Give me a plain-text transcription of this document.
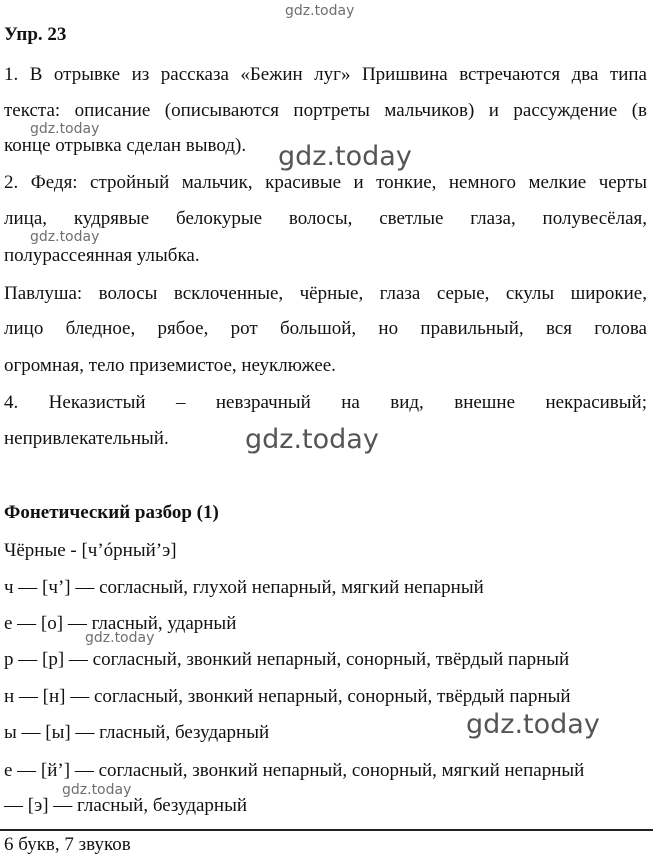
gdz.today
gdz.today
gdz.today
gdz.today
gdz.today
gdz.today
gdz.today
gdz.today
Упр. 23
1. В отрывке из рассказа «Бежин луг» Пришвина встречаются два типа
текста: описание (описываются портреты мальчиков) и рассуждение (в
конце отрывка сделан вывод).
2. Федя: стройный мальчик, красивые и тонкие, немного мелкие черты
лица, кудрявые белокурые волосы, светлые глаза, полувесёлая,
полурассеянная улыбка.
Павлуша: волосы всклоченные, чёрные, глаза серые, скулы широкие,
лицо бледное, рябое, рот большой, но правильный, вся голова
огромная, тело приземистое, неуклюжее.
4. Неказистый – невзрачный на вид, внешне некрасивый;
непривлекательный.
Фонетический разбор (1)
Чёрные - [ч’óрный’э]
ч — [ч’] — согласный, глухой непарный, мягкий непарный
е — [о] — гласный, ударный
р — [р] — согласный, звонкий непарный, сонорный, твёрдый парный
н — [н] — согласный, звонкий непарный, сонорный, твёрдый парный
ы — [ы] — гласный, безударный
е — [й’] — согласный, звонкий непарный, сонорный, мягкий непарный
— [э] — гласный, безударный
6 букв, 7 звуков
